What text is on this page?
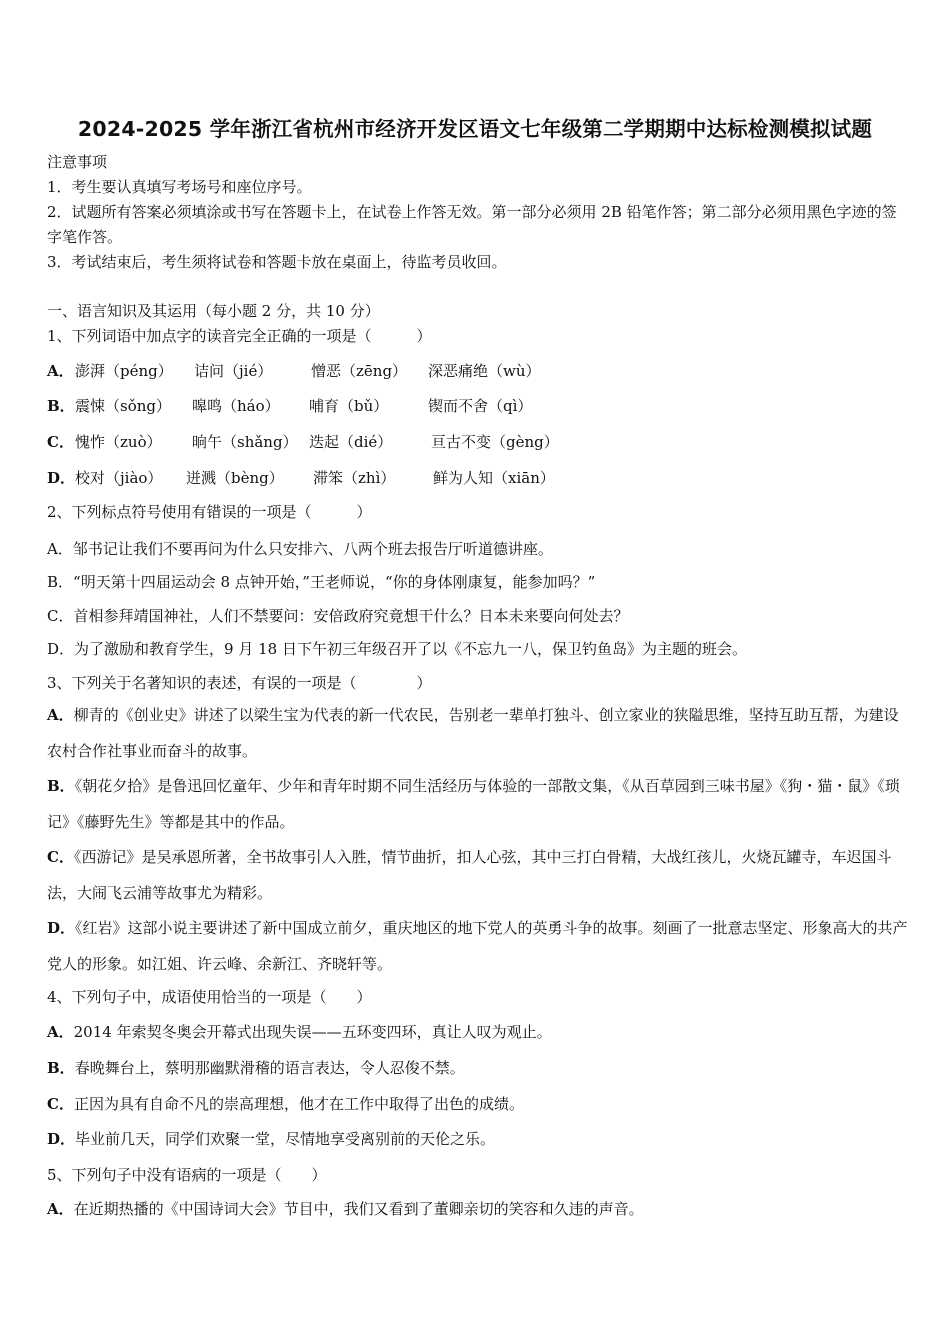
2024-2025 学年浙江省杭州市经济开发区语文七年级第二学期期中达标检测模拟试题
注意事项
1．考生要认真填写考场号和座位序号。
2．试题所有答案必须填涂或书写在答题卡上，在试卷上作答无效。第一部分必须用 2B 铅笔作答；第二部分必须用黑色字迹的签字笔作答。
3．考试结束后，考生须将试卷和答题卡放在桌面上，待监考员收回。
一、语言知识及其运用（每小题 2 分，共 10 分）
1、下列词语中加点字的读音完全正确的一项是（　　　）
A． 澎湃（péng） 诘问（jié）	憎恶（zēng） 深恶痛绝（wù）
B． 震悚（sǒng） 嗥鸣（háo） 哺育（bǔ）	锲而不舍（qì）
C． 愧怍（zuò） 晌午（shǎng） 迭起（dié）	亘古不变（gèng）
D． 校对（jiào） 迸溅（bèng） 滞笨（zhì）	鲜为人知（xiān）
2、下列标点符号使用有错误的一项是（　　　）
A．邹书记让我们不要再问为什么只安排六、八两个班去报告厅听道德讲座。
B．“明天第十四届运动会 8 点钟开始，”王老师说，“你的身体刚康复，能参加吗？”
C．首相参拜靖国神社，人们不禁要问：安倍政府究竟想干什么？日本未来要向何处去？
D．为了激励和教育学生，9 月 18 日下午初三年级召开了以《不忘九一八，保卫钓鱼岛》为主题的班会。
3、下列关于名著知识的表述，有误的一项是（　　　　）
A．柳青的《创业史》讲述了以梁生宝为代表的新一代农民，告别老一辈单打独斗、创立家业的狭隘思维，坚持互助互帮，为建设农村合作社事业而奋斗的故事。
B．《朝花夕拾》是鲁迅回忆童年、少年和青年时期不同生活经历与体验的一部散文集，《从百草园到三味书屋》《狗・猫・鼠》《琐记》《藤野先生》等都是其中的作品。
C．《西游记》是吴承恩所著，全书故事引人入胜，情节曲折，扣人心弦，其中三打白骨精，大战红孩儿，火烧瓦罐寺，车迟国斗法，大闹飞云浦等故事尤为精彩。
D．《红岩》这部小说主要讲述了新中国成立前夕，重庆地区的地下党人的英勇斗争的故事。刻画了一批意志坚定、形象高大的共产党人的形象。如江姐、许云峰、余新江、齐晓轩等。
4、下列句子中，成语使用恰当的一项是（　　）
A．2014 年索契冬奥会开幕式出现失误——五环变四环，真让人叹为观止。
B．春晚舞台上，蔡明那幽默滑稽的语言表达，令人忍俊不禁。
C．正因为具有自命不凡的崇高理想，他才在工作中取得了出色的成绩。
D．毕业前几天，同学们欢聚一堂，尽情地享受离别前的天伦之乐。
5、下列句子中没有语病的一项是（　　）
A．在近期热播的《中国诗词大会》节目中，我们又看到了董卿亲切的笑容和久违的声音。
